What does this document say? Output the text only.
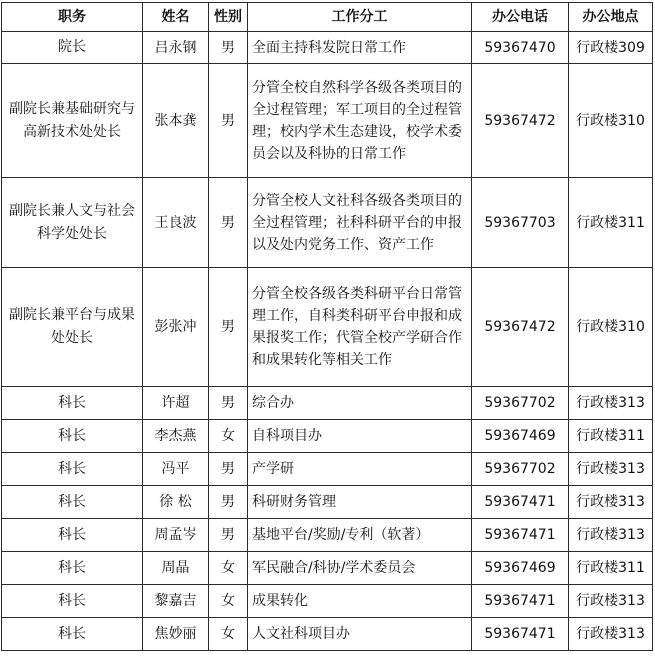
职务	姓名	性别	工作分工	办公电话	办公地点
院长	吕永钢	男	全面主持科发院日常工作	59367470	行政楼309
副院长兼基础研究与高新技术处处长	张本龚	男	分管全校自然科学各级各类项目的全过程管理；军工项目的全过程管理；校内学术生态建设，校学术委员会以及科协的日常工作	59367472	行政楼310
副院长兼人文与社会科学处处长	王良波	男	分管全校人文社科各级各类项目的全过程管理；社科科研平台的申报以及处内党务工作、资产工作	59367703	行政楼311
副院长兼平台与成果处处长	彭张冲	男	分管全校各级各类科研平台日常管理工作，自科类科研平台申报和成果报奖工作；代管全校产学研合作和成果转化等相关工作	59367472	行政楼310
科长	许超	男	综合办	59367702	行政楼313
科长	李杰燕	女	自科项目办	59367469	行政楼311
科长	冯平	男	产学研	59367702	行政楼313
科长	徐 松	男	科研财务管理	59367471	行政楼313
科长	周孟岑	男	基地平台/奖励/专利（软著）	59367471	行政楼313
科长	周晶	女	军民融合/科协/学术委员会	59367469	行政楼311
科长	黎嘉吉	女	成果转化	59367471	行政楼313
科长	焦妙丽	女	人文社科项目办	59367471	行政楼313
